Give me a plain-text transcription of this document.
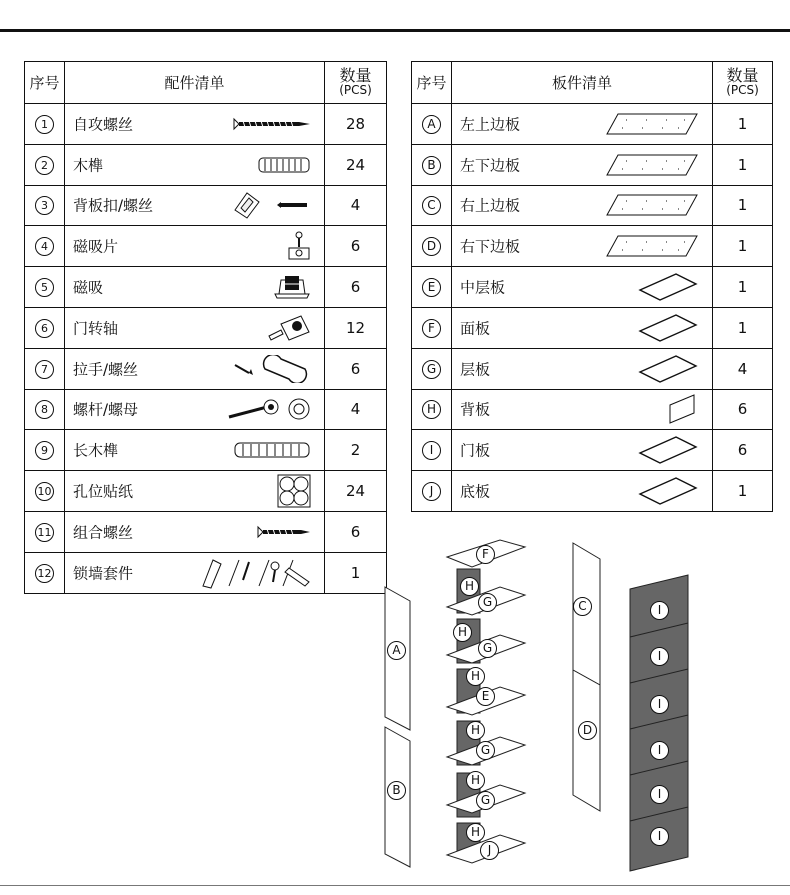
序号	配件清单	数量
(PCS)

1	自攻螺丝	28
2	木榫	24
3	背板扣/螺丝	4
4	磁吸片	6
5	磁吸	6
6	门转轴	12
7	拉手/螺丝	6
8	螺杆/螺母	4
9	长木榫	2
10	孔位贴纸	24
11	组合螺丝	6
12	锁墙套件	1
序号	板件清单	数量
(PCS)

A	左上边板	1
B	左下边板	1
C	右上边板	1
D	右下边板	1
E	中层板	1
F	面板	1
G	层板	4
H	背板	6
I	门板	6
J	底板	1
F
H
G
H
G
H
E
H
G
H
G
H
J
A
B
C
D
I
I
I
I
I
I
